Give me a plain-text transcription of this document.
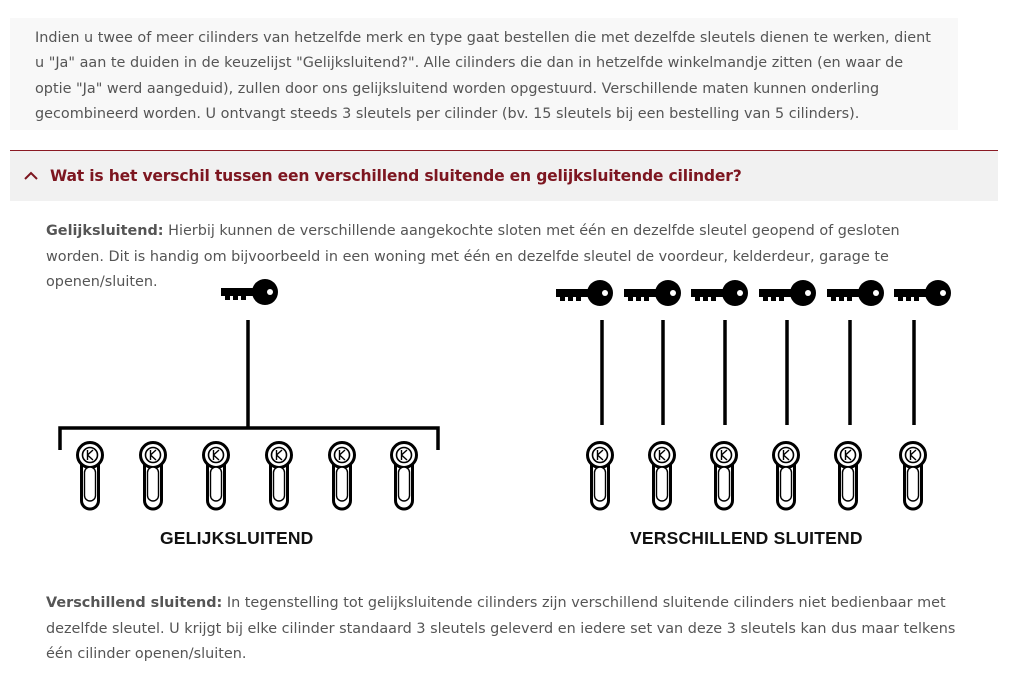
Indien u twee of meer cilinders van hetzelfde merk en type gaat bestellen die met dezelfde sleutels dienen te werken, dient u "Ja" aan te duiden in de keuzelijst "Gelijksluitend?". Alle cilinders die dan in hetzelfde winkelmandje zitten (en waar de optie "Ja" werd aangeduid), zullen door ons gelijksluitend worden opgestuurd. Verschillende maten kunnen onderling gecombineerd worden. U ontvangt steeds 3 sleutels per cilinder (bv. 15 sleutels bij een bestelling van 5 cilinders).

Wat is het verschil tussen een verschillend sluitende en gelijksluitende cilinder?

Gelijksluitend: Hierbij kunnen de verschillende aangekochte sloten met één en dezelfde sleutel geopend of gesloten worden. Dit is handig om bijvoorbeeld in een woning met één en dezelfde sleutel de voordeur, kelderdeur, garage te openen/sluiten.

GELIJKSLUITEND	VERSCHILLEND SLUITEND

Verschillend sluitend: In tegenstelling tot gelijksluitende cilinders zijn verschillend sluitende cilinders niet bedienbaar met dezelfde sleutel. U krijgt bij elke cilinder standaard 3 sleutels geleverd en iedere set van deze 3 sleutels kan dus maar telkens één cilinder openen/sluiten.
